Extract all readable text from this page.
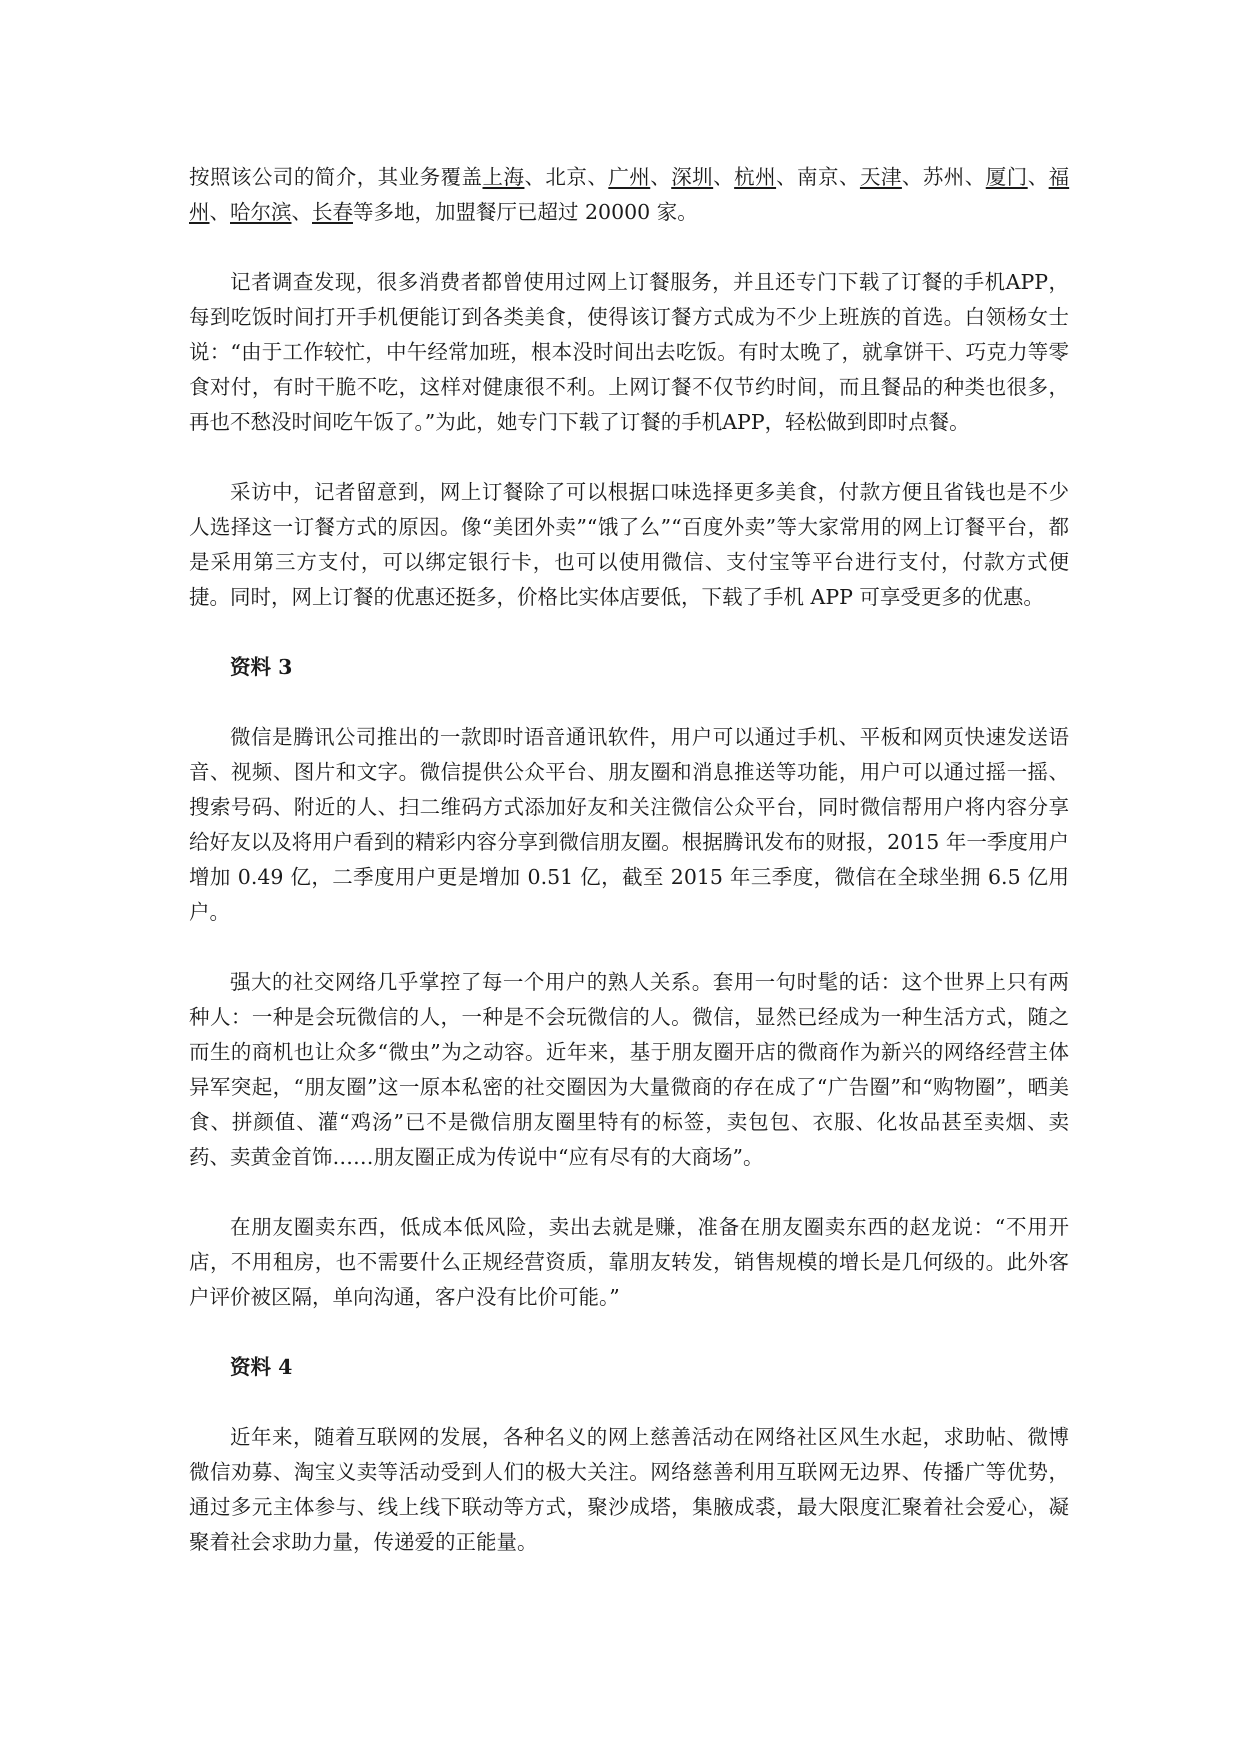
按照该公司的简介，其业务覆盖上海、北京、广州、深圳、杭州、南京、天津、苏州、厦门、福州、哈尔滨、长春等多地，加盟餐厅已超过 20000 家。

记者调查发现，很多消费者都曾使用过网上订餐服务，并且还专门下载了订餐的手机APP，每到吃饭时间打开手机便能订到各类美食，使得该订餐方式成为不少上班族的首选。白领杨女士说：“由于工作较忙，中午经常加班，根本没时间出去吃饭。有时太晚了，就拿饼干、巧克力等零食对付，有时干脆不吃，这样对健康很不利。上网订餐不仅节约时间，而且餐品的种类也很多，再也不愁没时间吃午饭了。”为此，她专门下载了订餐的手机APP，轻松做到即时点餐。

采访中，记者留意到，网上订餐除了可以根据口味选择更多美食，付款方便且省钱也是不少人选择这一订餐方式的原因。像“美团外卖”“饿了么”“百度外卖”等大家常用的网上订餐平台，都是采用第三方支付，可以绑定银行卡，也可以使用微信、支付宝等平台进行支付，付款方式便捷。同时，网上订餐的优惠还挺多，价格比实体店要低，下载了手机 APP 可享受更多的优惠。

资料 3

微信是腾讯公司推出的一款即时语音通讯软件，用户可以通过手机、平板和网页快速发送语音、视频、图片和文字。微信提供公众平台、朋友圈和消息推送等功能，用户可以通过摇一摇、搜索号码、附近的人、扫二维码方式添加好友和关注微信公众平台，同时微信帮用户将内容分享给好友以及将用户看到的精彩内容分享到微信朋友圈。根据腾讯发布的财报，2015 年一季度用户增加 0.49 亿，二季度用户更是增加 0.51 亿，截至 2015 年三季度，微信在全球坐拥 6.5 亿用户。

强大的社交网络几乎掌控了每一个用户的熟人关系。套用一句时髦的话：这个世界上只有两种人：一种是会玩微信的人，一种是不会玩微信的人。微信，显然已经成为一种生活方式，随之而生的商机也让众多“微虫”为之动容。近年来，基于朋友圈开店的微商作为新兴的网络经营主体异军突起，“朋友圈”这一原本私密的社交圈因为大量微商的存在成了“广告圈”和“购物圈”，晒美食、拼颜值、灌“鸡汤”已不是微信朋友圈里特有的标签，卖包包、衣服、化妆品甚至卖烟、卖药、卖黄金首饰……朋友圈正成为传说中“应有尽有的大商场”。

在朋友圈卖东西，低成本低风险，卖出去就是赚，准备在朋友圈卖东西的赵龙说：“不用开店，不用租房，也不需要什么正规经营资质，靠朋友转发，销售规模的增长是几何级的。此外客户评价被区隔，单向沟通，客户没有比价可能。”

资料 4

近年来，随着互联网的发展，各种名义的网上慈善活动在网络社区风生水起，求助帖、微博微信劝募、淘宝义卖等活动受到人们的极大关注。网络慈善利用互联网无边界、传播广等优势，通过多元主体参与、线上线下联动等方式，聚沙成塔，集腋成裘，最大限度汇聚着社会爱心，凝聚着社会求助力量，传递爱的正能量。
